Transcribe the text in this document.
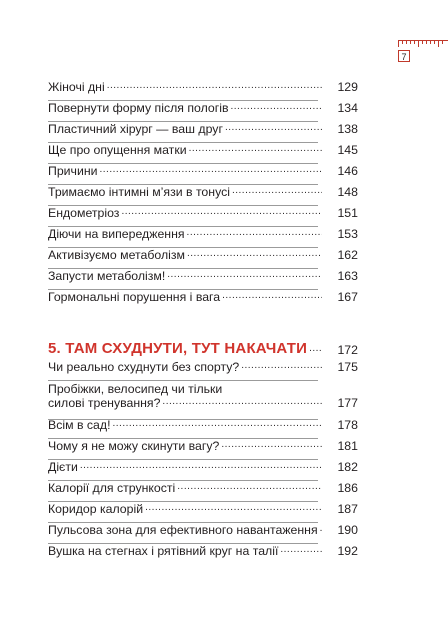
7
Жіночі дні .....	129
Повернути форму після пологів .....	134
Пластичний хірург — ваш друг .....	138
Ще про опущення матки .....	145
Причини .....	146
Тримаємо інтимні м’язи в тонусі .....	148
Ендометріоз .....	151
Діючи на випередження .....	153
Активізуємо метаболізм .....	162
Запусти метаболізм! .....	163
Гормональні порушення і вага .....	167
5. ТАМ СХУДНУТИ, ТУТ НАКАЧАТИ .....	172
Чи реально схуднути без спорту? .....	175
Пробіжки, велосипед чи тільки
силові тренування? .....	177
Всім в сад! .....	178
Чому я не можу скинути вагу? .....	181
Дієти .....	182
Калорії для стрункості .....	186
Коридор калорій .....	187
Пульсова зона для ефективного навантаження .....	190
Вушка на стегнах і рятівний круг на талії .....	192
